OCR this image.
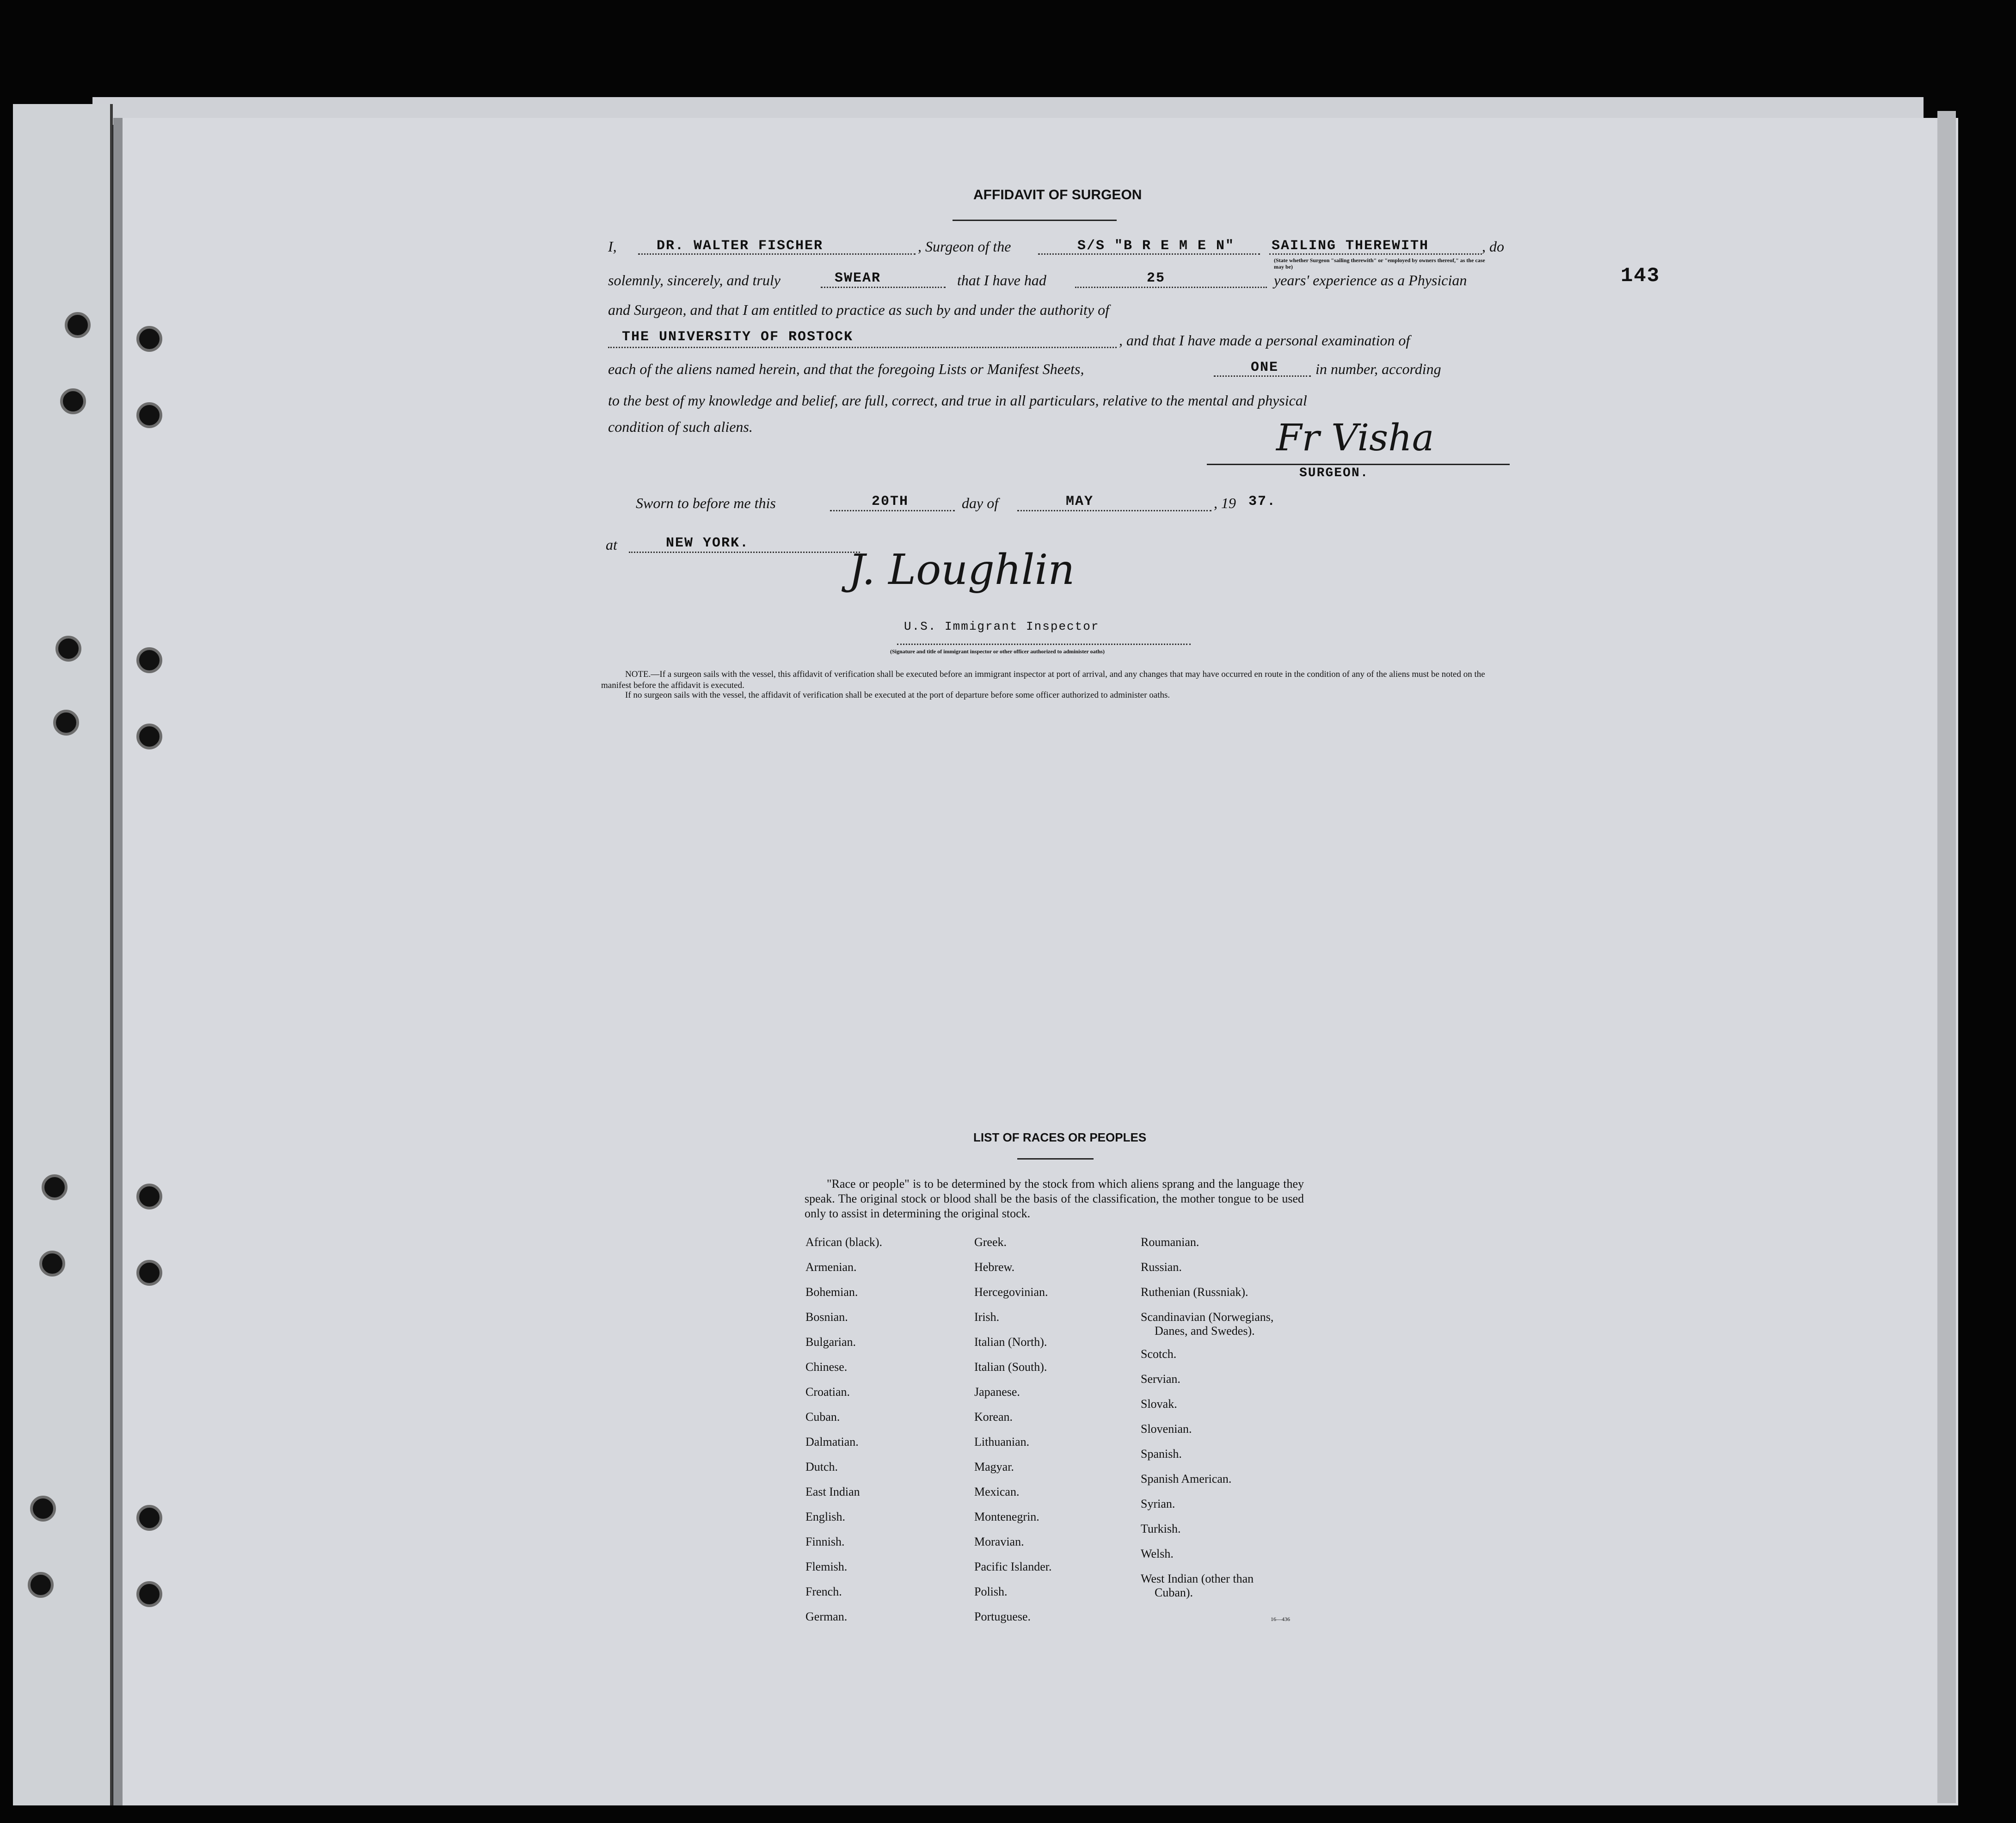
143
AFFIDAVIT OF SURGEON
I,	DR. WALTER FISCHER	, Surgeon of the	S/S "B R E M E N"	SAILING THEREWITH	, do
(State whether Surgeon "sailing therewith" or "employed by owners thereof," as the case may be)
solemnly, sincerely, and truly	SWEAR	that I have had	25	years' experience as a Physician
and Surgeon, and that I am entitled to practice as such by and under the authority of
THE UNIVERSITY OF ROSTOCK	, and that I have made a personal examination of
each of the aliens named herein, and that the foregoing Lists or Manifest Sheets,	ONE in number, according
to the best of my knowledge and belief, are full, correct, and true in all particulars, relative to the mental and physical
condition of such aliens.	Fr Visha
SURGEON.
Sworn to before me this	20TH	day of	MAY	, 19 37.
at	NEW YORK.
J. Loughlin
U.S. Immigrant Inspector
(Signature and title of immigrant inspector or other officer authorized to administer oaths)
NOTE.—If a surgeon sails with the vessel, this affidavit of verification shall be executed before an immigrant inspector at port of arrival, and any changes that may have occurred en route in the condition of any of the aliens must be noted on the manifest before the affidavit is executed.
If no surgeon sails with the vessel, the affidavit of verification shall be executed at the port of departure before some officer authorized to administer oaths.
LIST OF RACES OR PEOPLES
"Race or people" is to be determined by the stock from which aliens sprang and the language they speak. The original stock or blood shall be the basis of the classification, the mother tongue to be used only to assist in determining the original stock.
African (black).
Armenian.
Bohemian.
Bosnian.
Bulgarian.
Chinese.
Croatian.
Cuban.
Dalmatian.
Dutch.
East Indian
English.
Finnish.
Flemish.
French.
German.
Greek.
Hebrew.
Hercegovinian.
Irish.
Italian (North).
Italian (South).
Japanese.
Korean.
Lithuanian.
Magyar.
Mexican.
Montenegrin.
Moravian.
Pacific Islander.
Polish.
Portuguese.
Roumanian.
Russian.
Ruthenian (Russniak).
Scandinavian (Norwegians,
Danes, and Swedes).
Scotch.
Servian.
Slovak.
Slovenian.
Spanish.
Spanish American.
Syrian.
Turkish.
Welsh.
West Indian (other than
Cuban).
16—436
